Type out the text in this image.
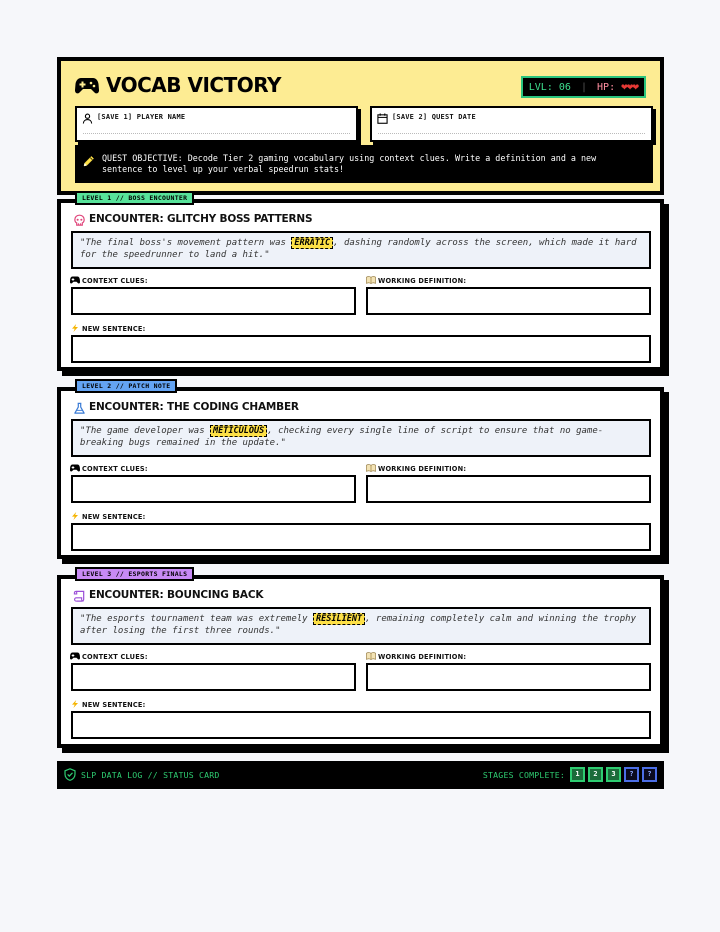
VOCAB VICTORY	LVL: 06 | HP: ❤❤❤
[SAVE 1] PLAYER NAME	[SAVE 2] QUEST DATE
QUEST OBJECTIVE: Decode Tier 2 gaming vocabulary using context clues. Write a definition and a new sentence to level up your verbal speedrun stats!
LEVEL 1 // BOSS ENCOUNTER
ENCOUNTER: GLITCHY BOSS PATTERNS
"The final boss's movement pattern was ERRATIC , dashing randomly across the screen, which made it hard for the speedrunner to land a hit."
CONTEXT CLUES:	WORKING DEFINITION:
NEW SENTENCE:
LEVEL 2 // PATCH NOTE
ENCOUNTER: THE CODING CHAMBER
"The game developer was METICULOUS , checking every single line of script to ensure that no game-breaking bugs remained in the update."
CONTEXT CLUES:	WORKING DEFINITION:
NEW SENTENCE:
LEVEL 3 // ESPORTS FINALS
ENCOUNTER: BOUNCING BACK
"The esports tournament team was extremely RESILIENT , remaining completely calm and winning the trophy after losing the first three rounds."
CONTEXT CLUES:	WORKING DEFINITION:
NEW SENTENCE:
SLP DATA LOG // STATUS CARD	STAGES COMPLETE:	1	2	3	?	?
